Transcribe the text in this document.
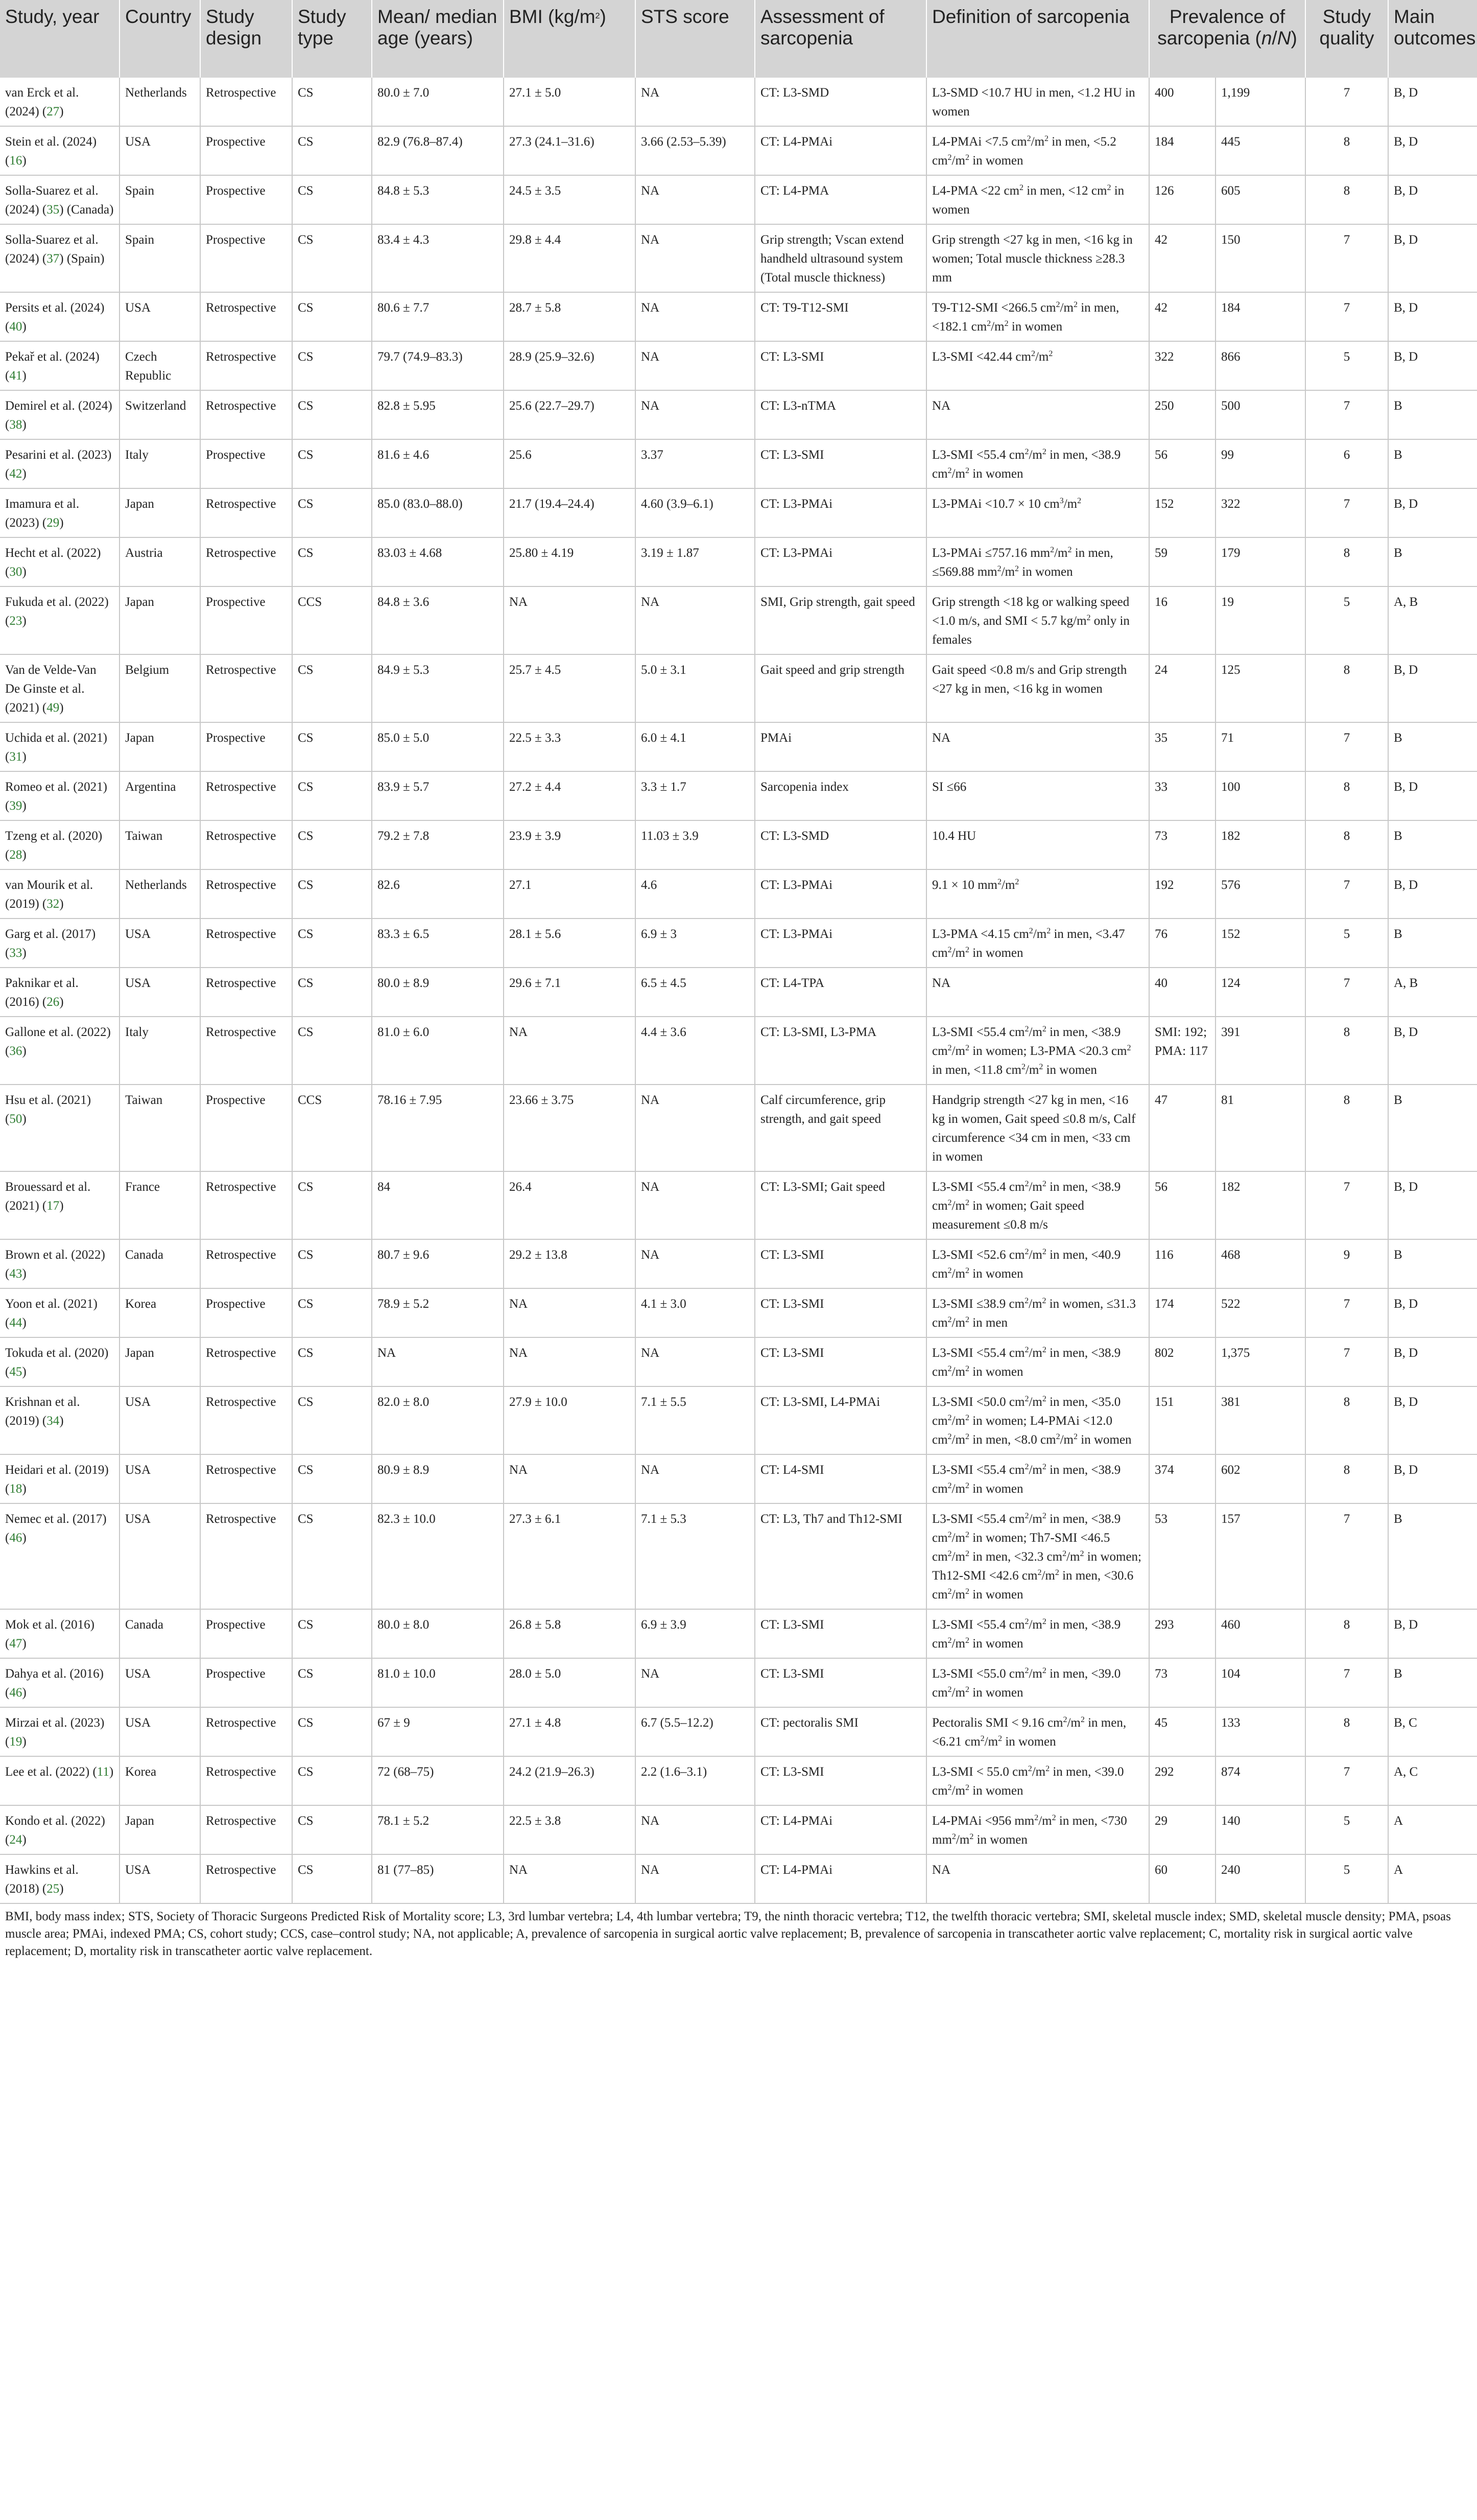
Study, year	Country	Study design	Study type	Mean/ median age (years)	BMI $(kg/m^2)$	STS score	Assessment of sarcopenia	Definition of sarcopenia	Prevalence of sarcopenia (n/N)		Study quality	Main outcomes
van Erck et al. (2024) (27)	Netherlands	Retrospective	CS	80.0 ± 7.0	27.1 ± 5.0	NA	CT: L3-SMD	L3-SMD <10.7 HU in men, <1.2 HU in women	400	1,199	7	B, D
Stein et al. (2024) (16)	USA	Prospective	CS	82.9 (76.8–87.4)	27.3 (24.1–31.6)	3.66 (2.53–5.39)	CT: L4-PMAi	L4-PMAi <7.5 $cm^2/m^2$ in men, <5.2 $cm^2/m^2$ in women	184	445	8	B, D
Solla-Suarez et al. (2024) (35) (Canada)	Spain	Prospective	CS	84.8 ± 5.3	24.5 ± 3.5	NA	CT: L4-PMA	L4-PMA <22 $cm^2$ in men, <12 $cm^2$ in women	126	605	8	B, D
Solla-Suarez et al. (2024) (37) (Spain)	Spain	Prospective	CS	83.4 ± 4.3	29.8 ± 4.4	NA	Grip strength; Vscan extend handheld ultrasound system (Total muscle thickness)	Grip strength <27 kg in men, <16 kg in women; Total muscle thickness ≥28.3 mm	42	150	7	B, D
Persits et al. (2024) (40)	USA	Retrospective	CS	80.6 ± 7.7	28.7 ± 5.8	NA	CT: T9-T12-SMI	T9-T12-SMI <266.5 $cm^2/m^2$ in men, <182.1 $cm^2/m^2$ in women	42	184	7	B, D
Pekař et al. (2024) (41)	Czech Republic	Retrospective	CS	79.7 (74.9–83.3)	28.9 (25.9–32.6)	NA	CT: L3-SMI	L3-SMI <42.44 $cm^2/m^2$	322	866	5	B, D
Demirel et al. (2024) (38)	Switzerland	Retrospective	CS	82.8 ± 5.95	25.6 (22.7–29.7)	NA	CT: L3-nTMA	NA	250	500	7	B
Pesarini et al. (2023) (42)	Italy	Prospective	CS	81.6 ± 4.6	25.6	3.37	CT: L3-SMI	L3-SMI <55.4 $cm^2/m^2$ in men, <38.9 $cm^2/m^2$ in women	56	99	6	B
Imamura et al. (2023) (29)	Japan	Retrospective	CS	85.0 (83.0–88.0)	21.7 (19.4–24.4)	4.60 (3.9–6.1)	CT: L3-PMAi	L3-PMAi <10.7 × 10 $cm^3/m^2$	152	322	7	B, D
Hecht et al. (2022) (30)	Austria	Retrospective	CS	83.03 ± 4.68	25.80 ± 4.19	3.19 ± 1.87	CT: L3-PMAi	L3-PMAi ≤757.16 $mm^2/m^2$ in men, ≤569.88 $mm^2/m^2$ in women	59	179	8	B
Fukuda et al. (2022) (23)	Japan	Prospective	CCS	84.8 ± 3.6	NA	NA	SMI, Grip strength, gait speed	Grip strength <18 kg or walking speed <1.0 m/s, and SMI < 5.7 $kg/m^2$ only in females	16	19	5	A, B
Van de Velde-Van De Ginste et al. (2021) (49)	Belgium	Retrospective	CS	84.9 ± 5.3	25.7 ± 4.5	5.0 ± 3.1	Gait speed and grip strength	Gait speed <0.8 m/s and Grip strength <27 kg in men, <16 kg in women	24	125	8	B, D
Uchida et al. (2021) (31)	Japan	Prospective	CS	85.0 ± 5.0	22.5 ± 3.3	6.0 ± 4.1	PMAi	NA	35	71	7	B
Romeo et al. (2021) (39)	Argentina	Retrospective	CS	83.9 ± 5.7	27.2 ± 4.4	3.3 ± 1.7	Sarcopenia index	SI ≤66	33	100	8	B, D
Tzeng et al. (2020) (28)	Taiwan	Retrospective	CS	79.2 ± 7.8	23.9 ± 3.9	11.03 ± 3.9	CT: L3-SMD	10.4 HU	73	182	8	B
van Mourik et al. (2019) (32)	Netherlands	Retrospective	CS	82.6	27.1	4.6	CT: L3-PMAi	9.1 × 10 $mm^2/m^2$	192	576	7	B, D
Garg et al. (2017) (33)	USA	Retrospective	CS	83.3 ± 6.5	28.1 ± 5.6	6.9 ± 3	CT: L3-PMAi	L3-PMA <4.15 $cm^2/m^2$ in men, <3.47 $cm^2/m^2$ in women	76	152	5	B
Paknikar et al. (2016) (26)	USA	Retrospective	CS	80.0 ± 8.9	29.6 ± 7.1	6.5 ± 4.5	CT: L4-TPA	NA	40	124	7	A, B
Gallone et al. (2022) (36)	Italy	Retrospective	CS	81.0 ± 6.0	NA	4.4 ± 3.6	CT: L3-SMI, L3-PMA	L3-SMI <55.4 $cm^2/m^2$ in men, <38.9 $cm^2/m^2$ in women; L3-PMA <20.3 $cm^2$ in men, <11.8 $cm^2/m^2$ in women	SMI: 192; PMA: 117	391	8	B, D
Hsu et al. (2021) (50)	Taiwan	Prospective	CCS	78.16 ± 7.95	23.66 ± 3.75	NA	Calf circumference, grip strength, and gait speed	Handgrip strength <27 kg in men, <16 kg in women, Gait speed ≤0.8 m/s, Calf circumference <34 cm in men, <33 cm in women	47	81	8	B
Brouessard et al. (2021) (17)	France	Retrospective	CS	84	26.4	NA	CT: L3-SMI; Gait speed	L3-SMI <55.4 $cm^2/m^2$ in men, <38.9 $cm^2/m^2$ in women; Gait speed measurement ≤0.8 m/s	56	182	7	B, D
Brown et al. (2022) (43)	Canada	Retrospective	CS	80.7 ± 9.6	29.2 ± 13.8	NA	CT: L3-SMI	L3-SMI <52.6 $cm^2/m^2$ in men, <40.9 $cm^2/m^2$ in women	116	468	9	B
Yoon et al. (2021) (44)	Korea	Prospective	CS	78.9 ± 5.2	NA	4.1 ± 3.0	CT: L3-SMI	L3-SMI ≤38.9 $cm^2/m^2$ in women, ≤31.3 $cm^2/m^2$ in men	174	522	7	B, D
Tokuda et al. (2020) (45)	Japan	Retrospective	CS	NA	NA	NA	CT: L3-SMI	L3-SMI <55.4 $cm^2/m^2$ in men, <38.9 $cm^2/m^2$ in women	802	1,375	7	B, D
Krishnan et al. (2019) (34)	USA	Retrospective	CS	82.0 ± 8.0	27.9 ± 10.0	7.1 ± 5.5	CT: L3-SMI, L4-PMAi	L3-SMI <50.0 $cm^2/m^2$ in men, <35.0 $cm^2/m^2$ in women; L4-PMAi <12.0 $cm^2/m^2$ in men, <8.0 $cm^2/m^2$ in women	151	381	8	B, D
Heidari et al. (2019) (18)	USA	Retrospective	CS	80.9 ± 8.9	NA	NA	CT: L4-SMI	L3-SMI <55.4 $cm^2/m^2$ in men, <38.9 $cm^2/m^2$ in women	374	602	8	B, D
Nemec et al. (2017) (46)	USA	Retrospective	CS	82.3 ± 10.0	27.3 ± 6.1	7.1 ± 5.3	CT: L3, Th7 and Th12-SMI	L3-SMI <55.4 $cm^2/m^2$ in men, <38.9 $cm^2/m^2$ in women; Th7-SMI <46.5 $cm^2/m^2$ in men, <32.3 $cm^2/m^2$ in women; Th12-SMI <42.6 $cm^2/m^2$ in men, <30.6 $cm^2/m^2$ in women	53	157	7	B
Mok et al. (2016) (47)	Canada	Prospective	CS	80.0 ± 8.0	26.8 ± 5.8	6.9 ± 3.9	CT: L3-SMI	L3-SMI <55.4 $cm^2/m^2$ in men, <38.9 $cm^2/m^2$ in women	293	460	8	B, D
Dahya et al. (2016) (46)	USA	Prospective	CS	81.0 ± 10.0	28.0 ± 5.0	NA	CT: L3-SMI	L3-SMI <55.0 $cm^2/m^2$ in men, <39.0 $cm^2/m^2$ in women	73	104	7	B
Mirzai et al. (2023) (19)	USA	Retrospective	CS	67 ± 9	27.1 ± 4.8	6.7 (5.5–12.2)	CT: pectoralis SMI	Pectoralis SMI < 9.16 $cm^2/m^2$ in men, <6.21 $cm^2/m^2$ in women	45	133	8	B, C
Lee et al. (2022) (11)	Korea	Retrospective	CS	72 (68–75)	24.2 (21.9–26.3)	2.2 (1.6–3.1)	CT: L3-SMI	L3-SMI < 55.0 $cm^2/m^2$ in men, <39.0 $cm^2/m^2$ in women	292	874	7	A, C
Kondo et al. (2022) (24)	Japan	Retrospective	CS	78.1 ± 5.2	22.5 ± 3.8	NA	CT: L4-PMAi	L4-PMAi <956 $mm^2/m^2$ in men, <730 $mm^2/m^2$ in women	29	140	5	A
Hawkins et al. (2018) (25)	USA	Retrospective	CS	81 (77–85)	NA	NA	CT: L4-PMAi	NA	60	240	5	A
BMI, body mass index; STS, Society of Thoracic Surgeons Predicted Risk of Mortality score; L3, 3rd lumbar vertebra; L4, 4th lumbar vertebra; T9, the ninth thoracic vertebra; T12, the twelfth thoracic vertebra; SMI, skeletal muscle index; SMD, skeletal muscle density; PMA, psoas muscle area; PMAi, indexed PMA; CS, cohort study; CCS, case–control study; NA, not applicable; A, prevalence of sarcopenia in surgical aortic valve replacement; B, prevalence of sarcopenia in transcatheter aortic valve replacement; C, mortality risk in surgical aortic valve replacement; D, mortality risk in transcatheter aortic valve replacement.
